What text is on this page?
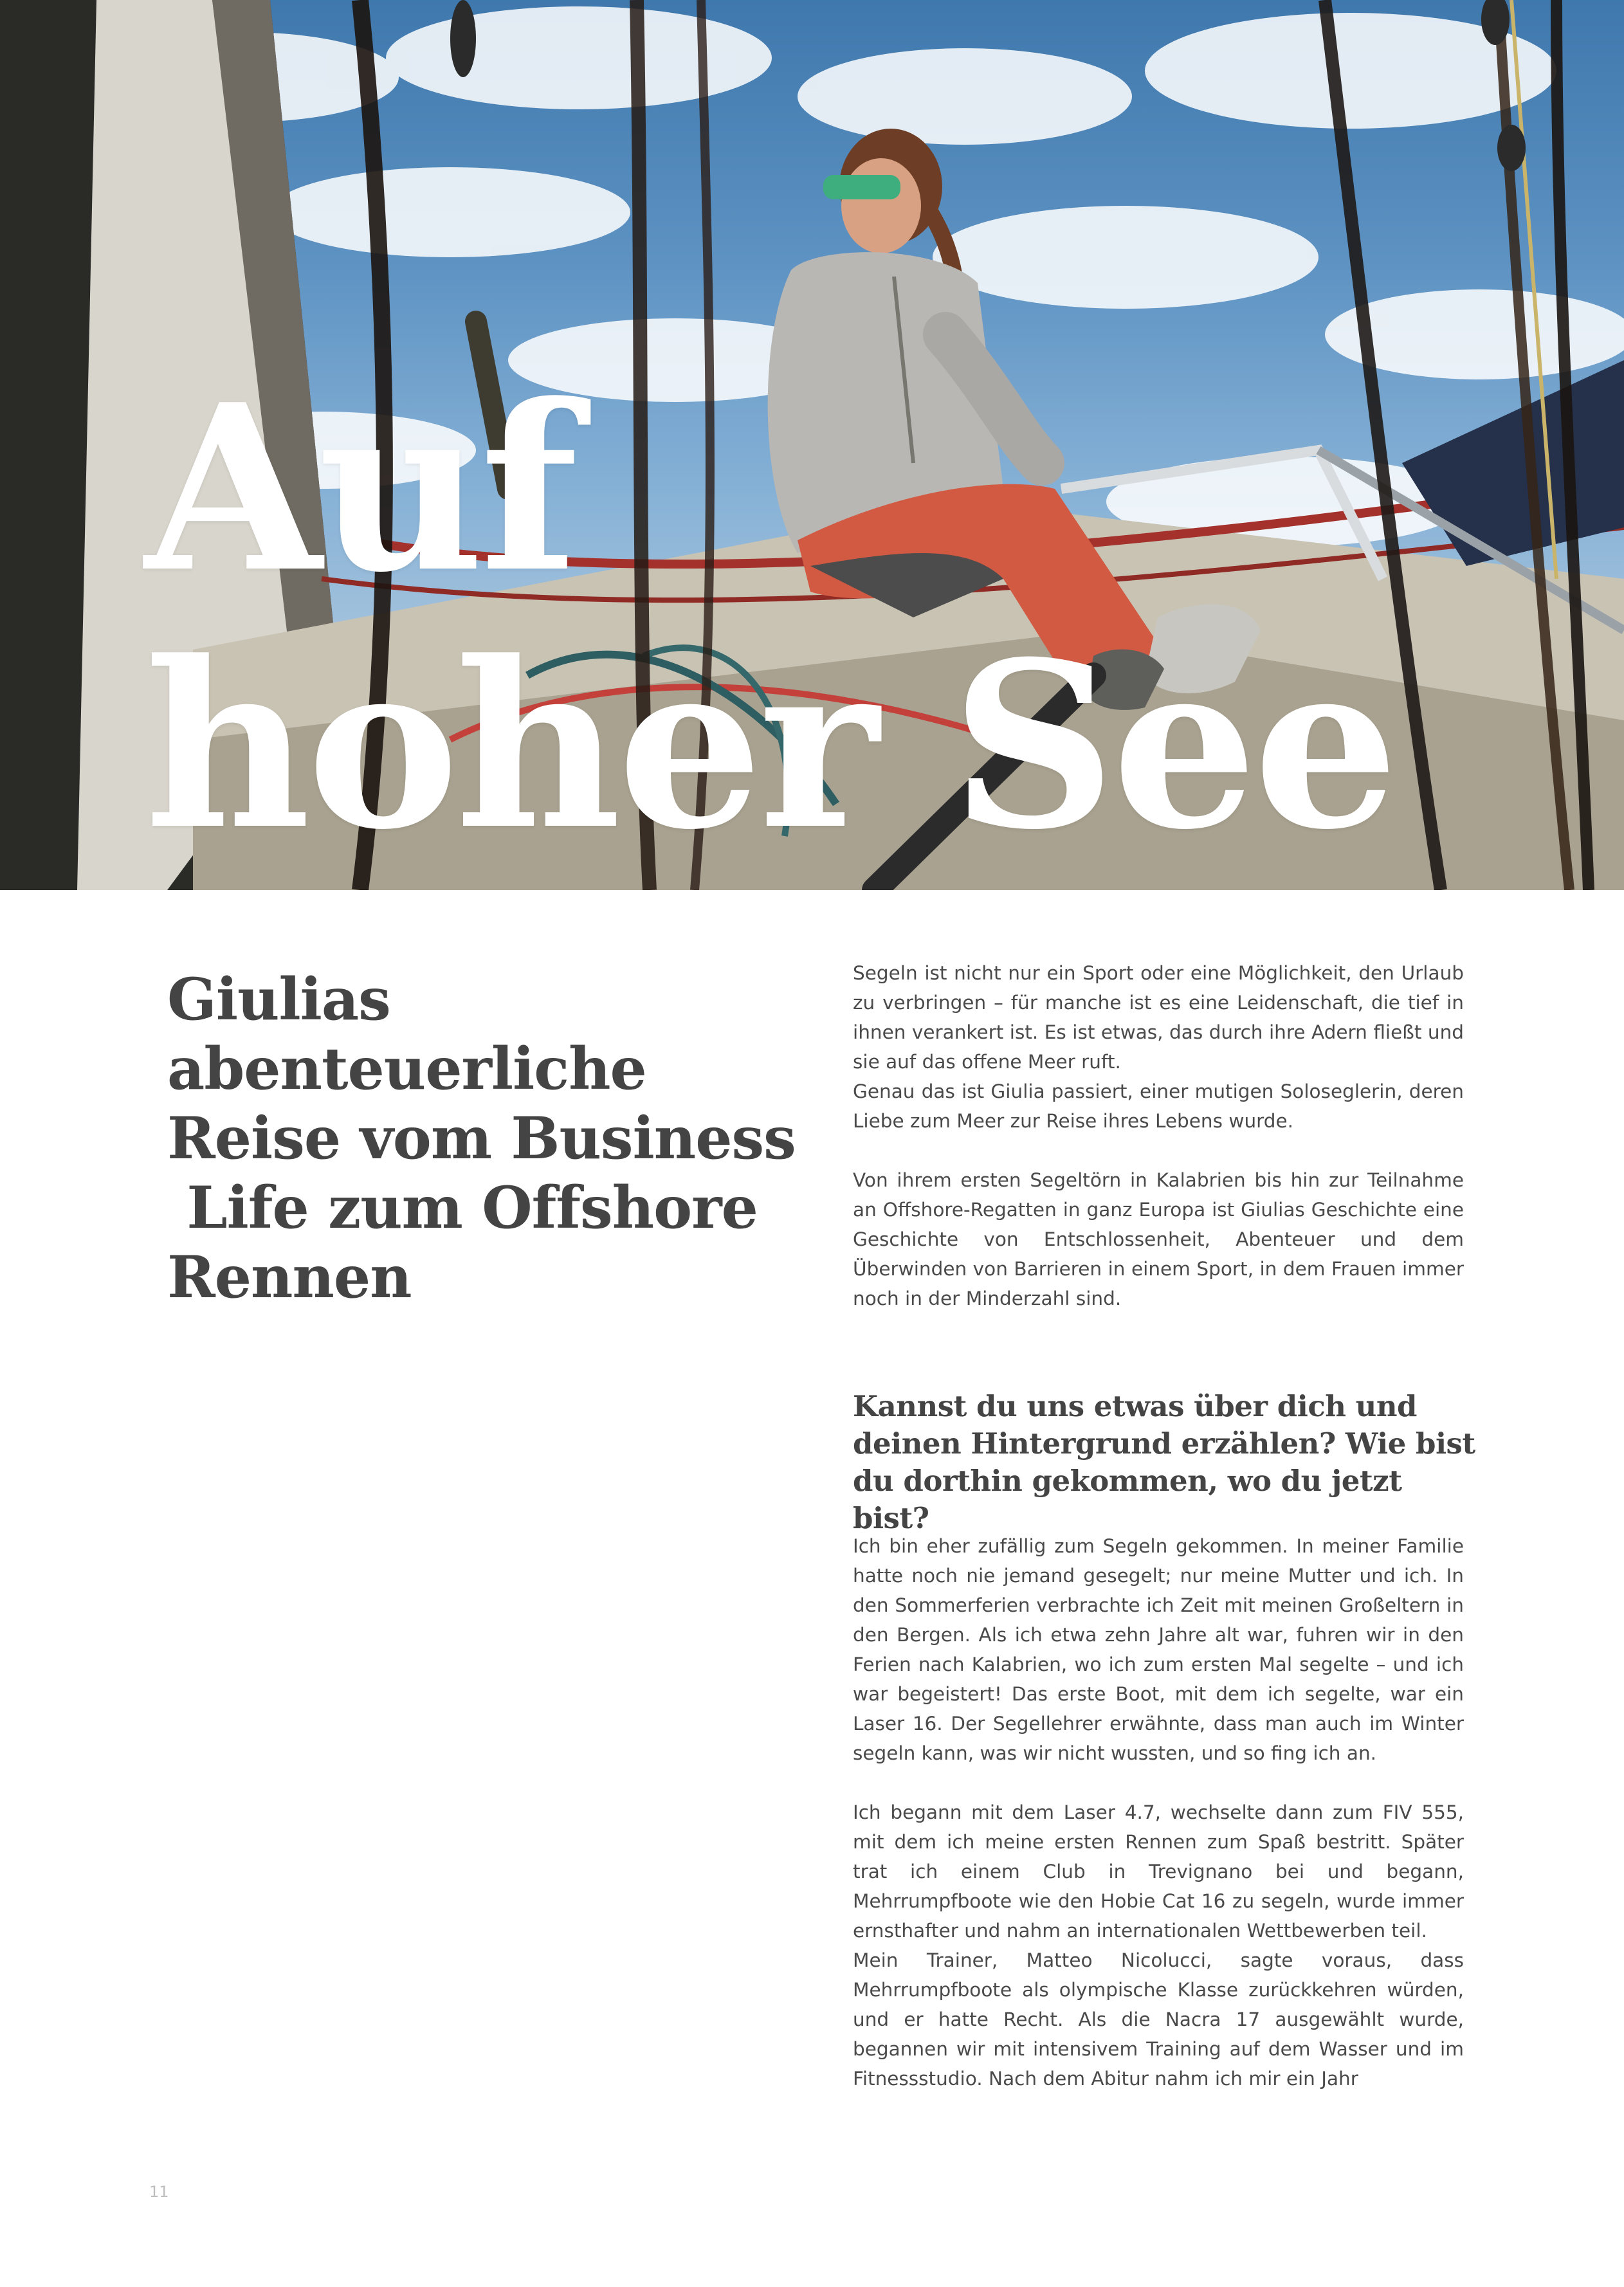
Auf
hoher See
Giulias
abenteuerliche
Reise vom Business
Life zum Offshore
Rennen

Segeln ist nicht nur ein Sport oder eine Möglichkeit, den Urlaub zu verbringen – für manche ist es eine Leidenschaft, die tief in ihnen verankert ist. Es ist etwas, das durch ihre Adern fließt und sie auf das offene Meer ruft.

Genau das ist Giulia passiert, einer mutigen Soloseglerin, deren Liebe zum Meer zur Reise ihres Lebens wurde.

Von ihrem ersten Segeltörn in Kalabrien bis hin zur Teilnahme an Offshore-Regatten in ganz Europa ist Giulias Geschichte eine Geschichte von Entschlossenheit, Abenteuer und dem Überwinden von Barrieren in einem Sport, in dem Frauen immer noch in der Minderzahl sind.

Kannst du uns etwas über dich und deinen Hintergrund erzählen? Wie bist du dorthin gekommen, wo du jetzt bist?

Ich bin eher zufällig zum Segeln gekommen. In meiner Familie hatte noch nie jemand gesegelt; nur meine Mutter und ich. In den Sommerferien verbrachte ich Zeit mit meinen Großeltern in den Bergen. Als ich etwa zehn Jahre alt war, fuhren wir in den Ferien nach Kalabrien, wo ich zum ersten Mal segelte – und ich war begeistert! Das erste Boot, mit dem ich segelte, war ein Laser 16. Der Segellehrer erwähnte, dass man auch im Winter segeln kann, was wir nicht wussten, und so fing ich an.

Ich begann mit dem Laser 4.7, wechselte dann zum FIV 555, mit dem ich meine ersten Rennen zum Spaß bestritt. Später trat ich einem Club in Trevignano bei und begann, Mehrrumpfboote wie den Hobie Cat 16 zu segeln, wurde immer ernsthafter und nahm an internationalen Wettbewerben teil.

Mein Trainer, Matteo Nicolucci, sagte voraus, dass Mehrrumpfboote als olympische Klasse zurückkehren würden, und er hatte Recht. Als die Nacra 17 ausgewählt wurde, begannen wir mit intensivem Training auf dem Wasser und im Fitnessstudio. Nach dem Abitur nahm ich mir ein Jahr

11
